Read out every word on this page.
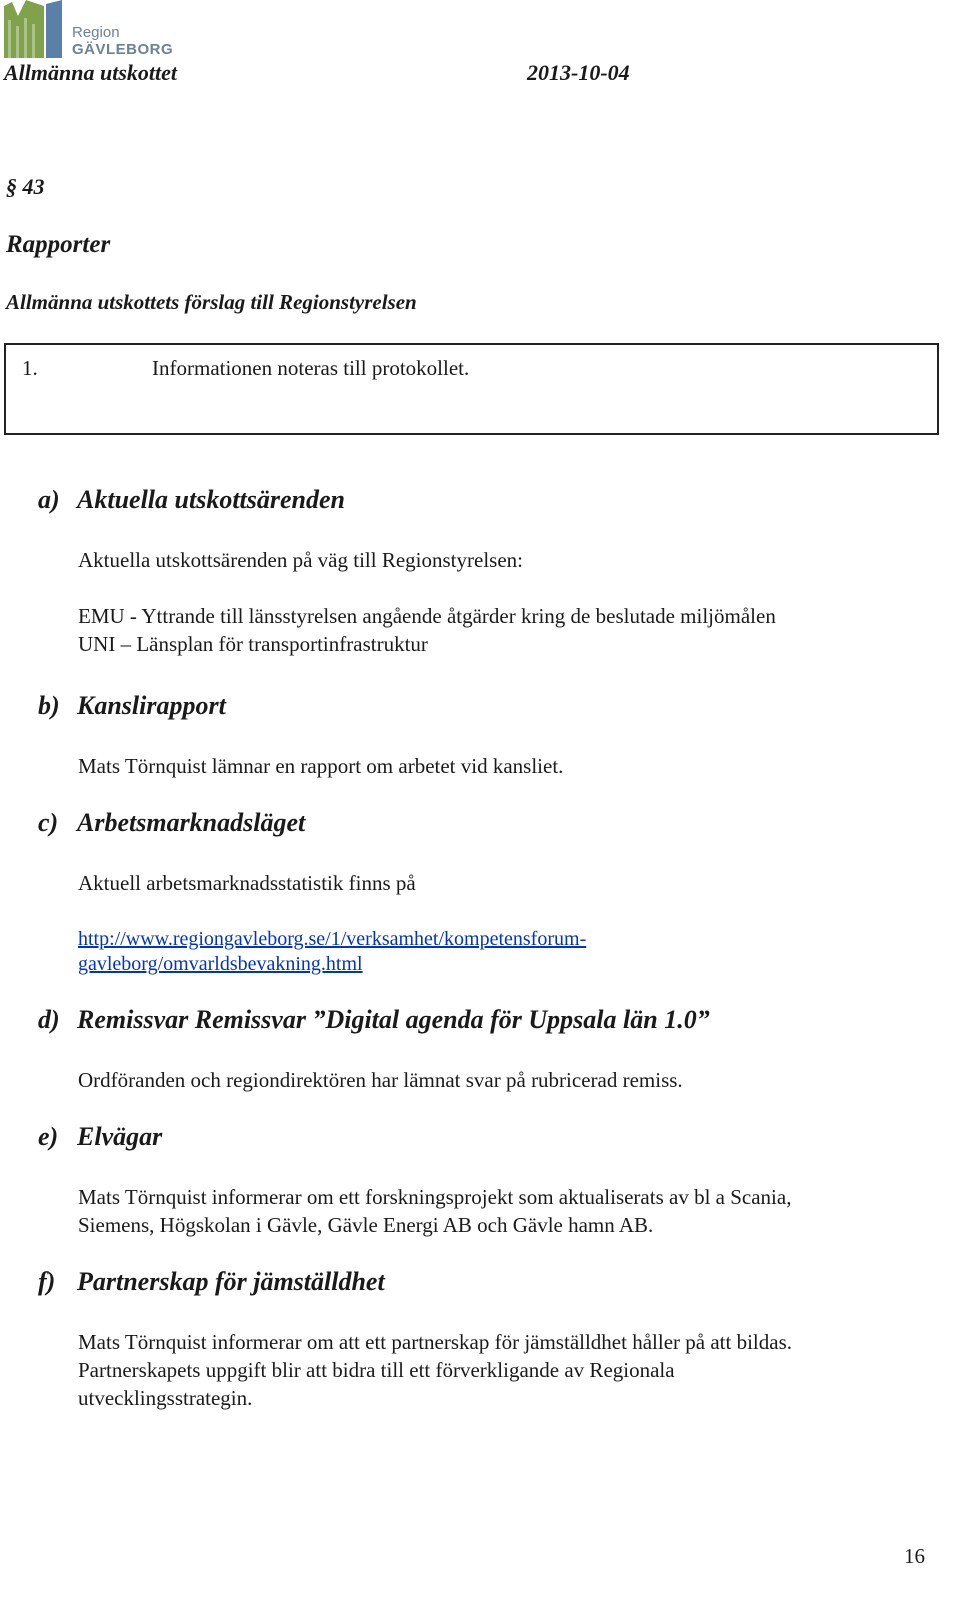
Region
GÄVLEBORG
Allmänna utskottet	2013-10-04
§ 43
Rapporter
Allmänna utskottets förslag till Regionstyrelsen
1.	Informationen noteras till protokollet.
a) Aktuella utskottsärenden
Aktuella utskottsärenden på väg till Regionstyrelsen:
EMU - Yttrande till länsstyrelsen angående åtgärder kring de beslutade miljömålen
UNI – Länsplan för transportinfrastruktur
b) Kanslirapport
Mats Törnquist lämnar en rapport om arbetet vid kansliet.
c) Arbetsmarknadsläget
Aktuell arbetsmarknadsstatistik finns på
http://www.regiongavleborg.se/1/verksamhet/kompetensforum-
gavleborg/omvarldsbevakning.html
d) Remissvar Remissvar ”Digital agenda för Uppsala län 1.0”
Ordföranden och regiondirektören har lämnat svar på rubricerad remiss.
e) Elvägar
Mats Törnquist informerar om ett forskningsprojekt som aktualiserats av bl a Scania,
Siemens, Högskolan i Gävle, Gävle Energi AB och Gävle hamn AB.
f) Partnerskap för jämställdhet
Mats Törnquist informerar om att ett partnerskap för jämställdhet håller på att bildas.
Partnerskapets uppgift blir att bidra till ett förverkligande av Regionala
utvecklingsstrategin.
16
